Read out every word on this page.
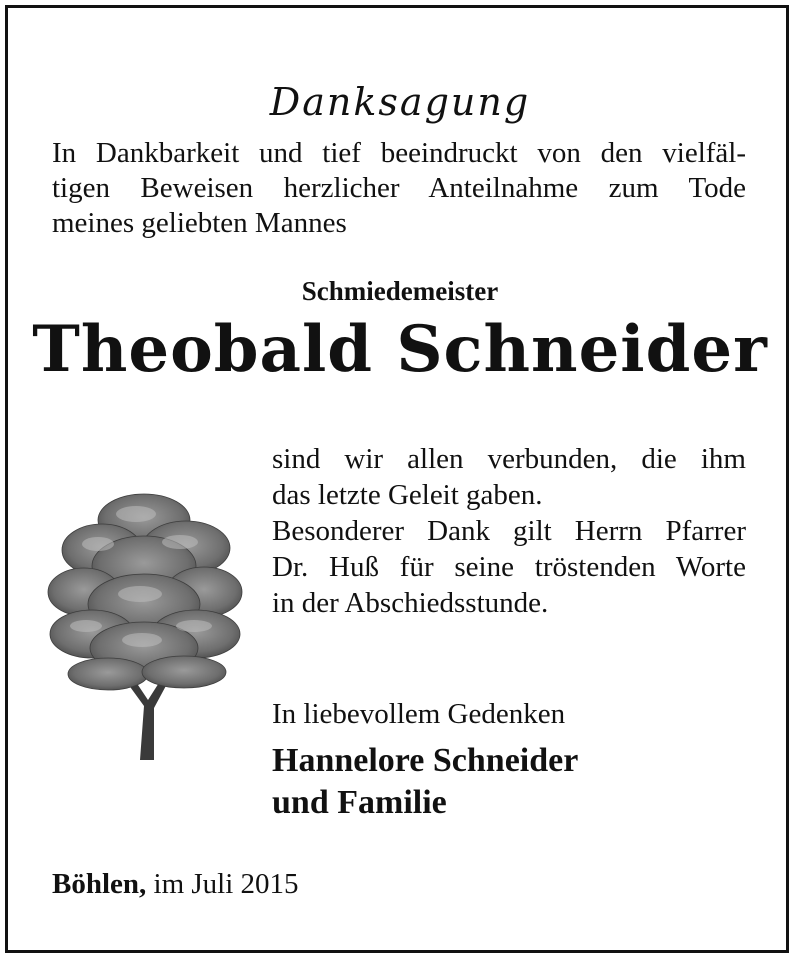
Danksagung
In Dankbarkeit und tief beeindruckt von den vielfäl-
tigen Beweisen herzlicher Anteilnahme zum Tode
meines geliebten Mannes
Schmiedemeister
Theobald Schneider
sind wir allen verbunden, die ihm
das letzte Geleit gaben.
Besonderer Dank gilt Herrn Pfarrer
Dr. Huß für seine tröstenden Worte
in der Abschiedsstunde.
In liebevollem Gedenken
Hannelore Schneider
und Familie
Böhlen, im Juli 2015
